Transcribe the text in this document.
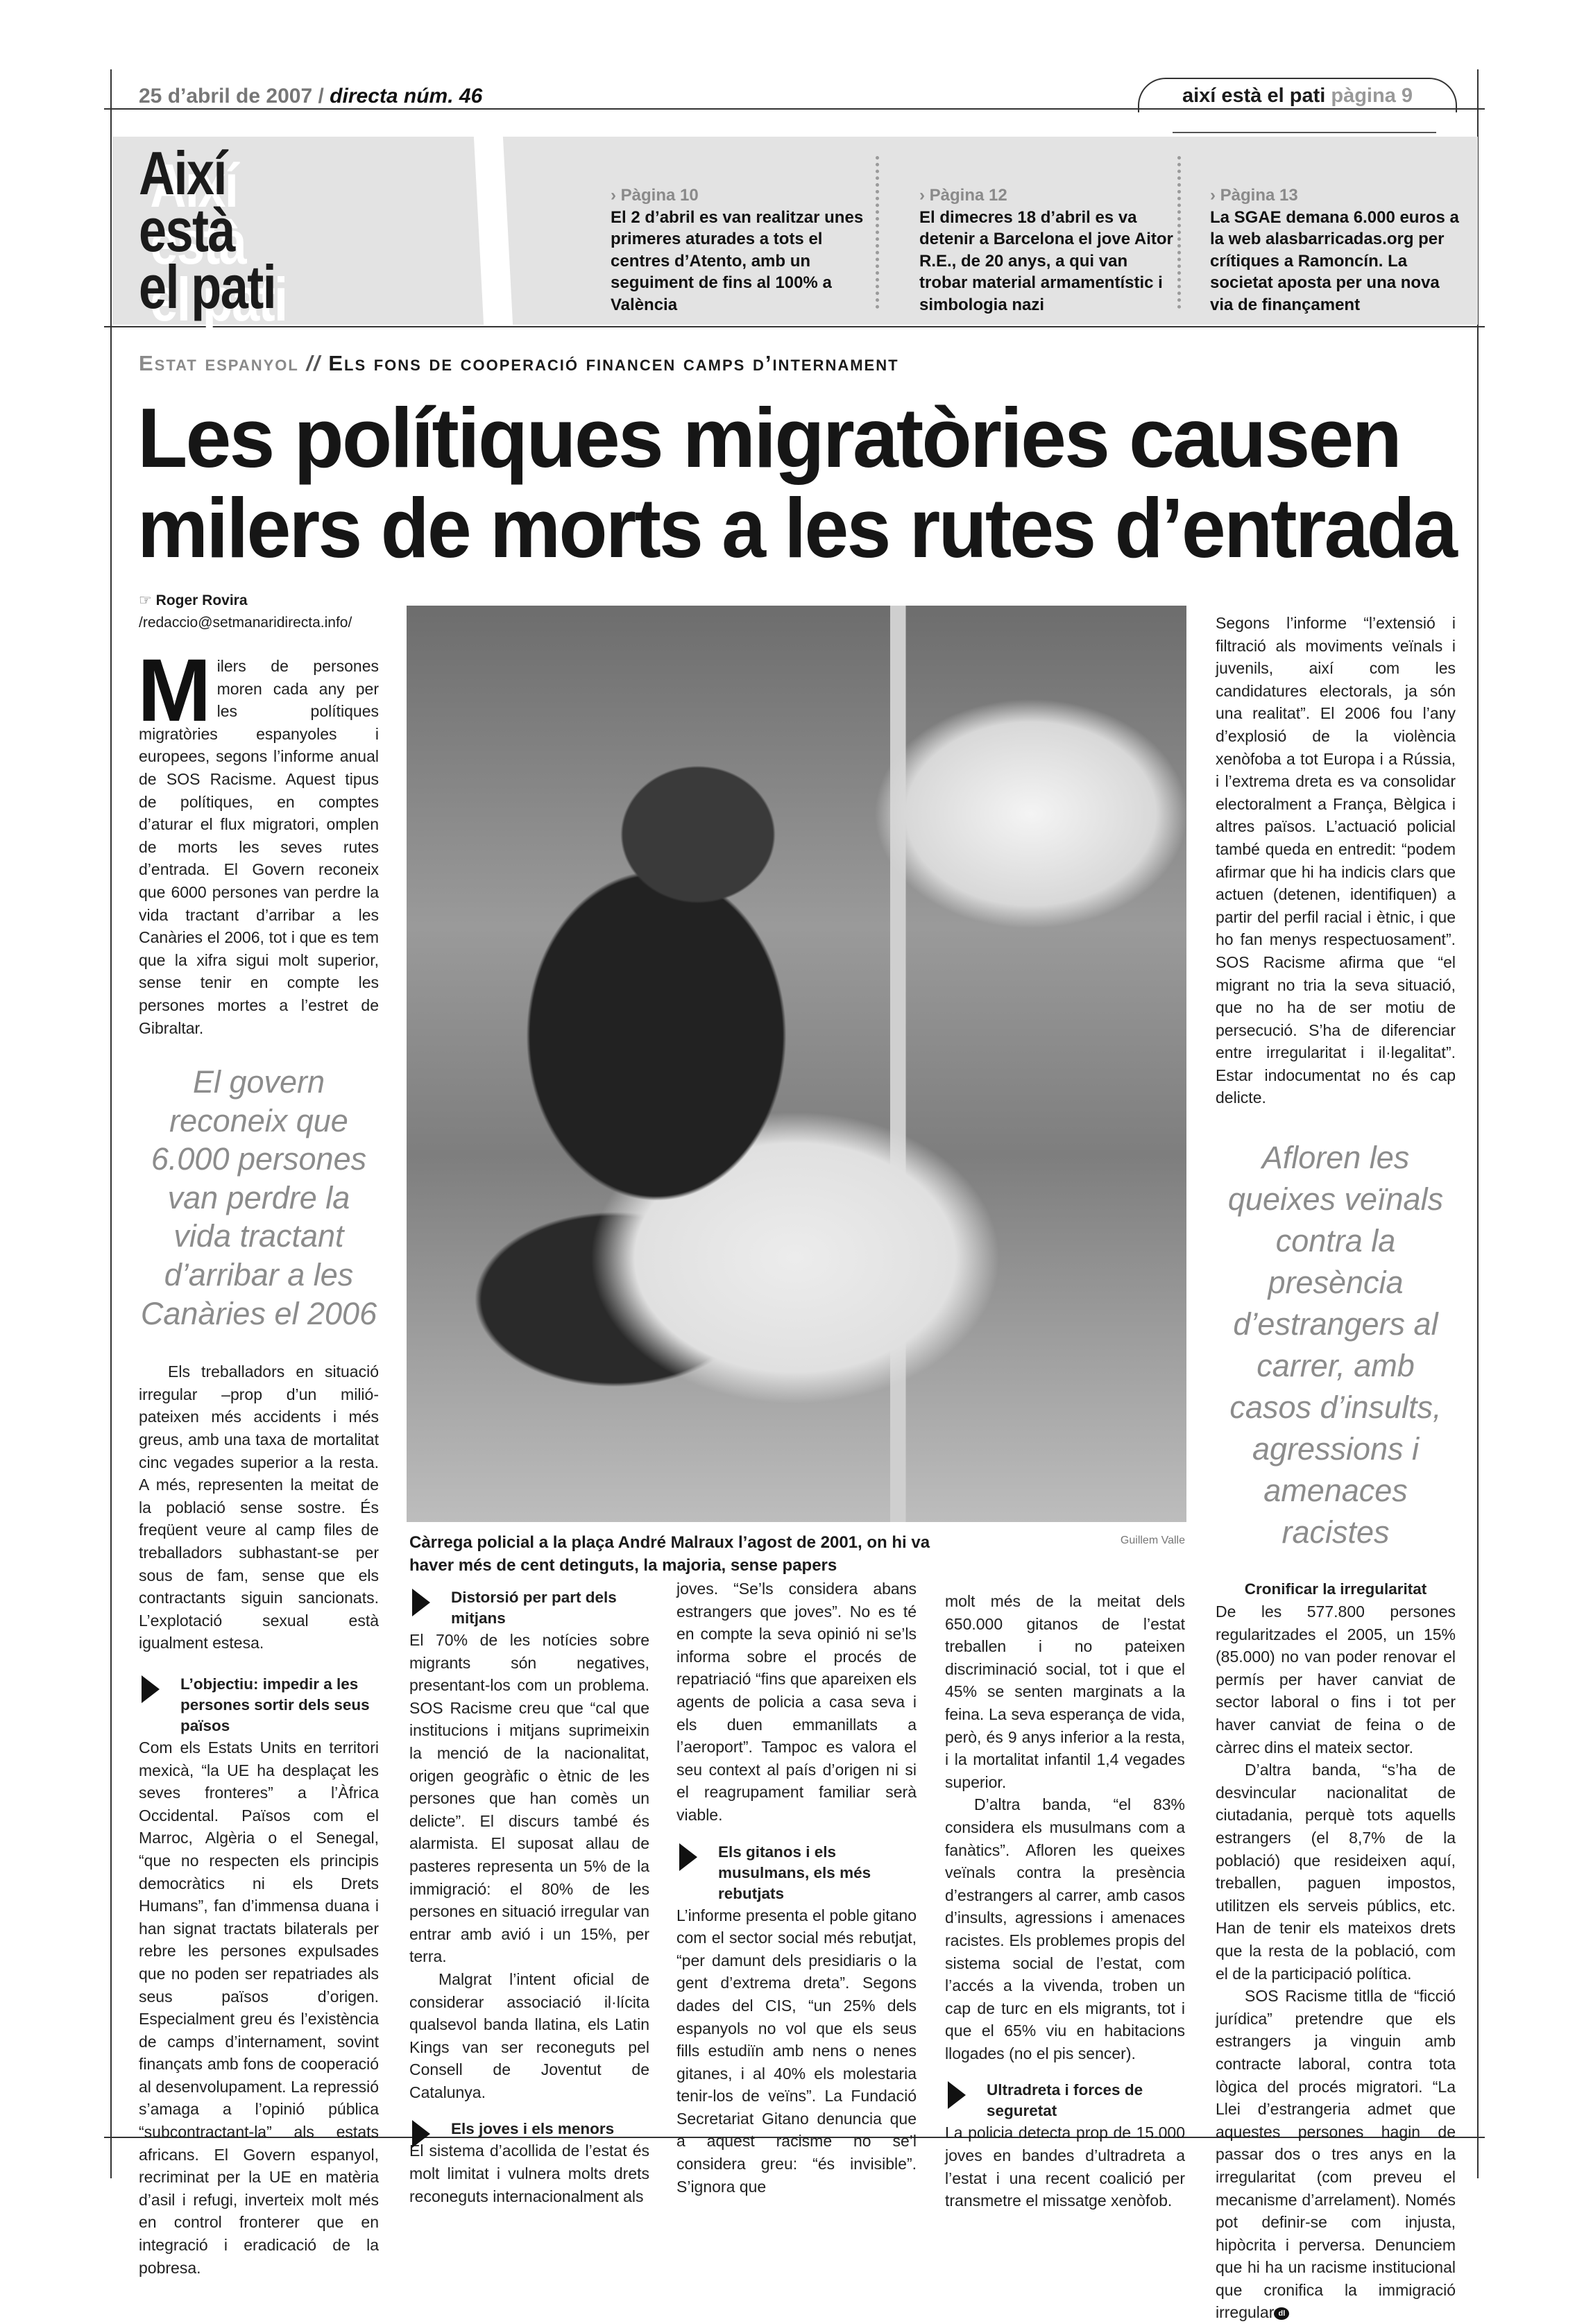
25 d’abril de 2007 / directa núm. 46	així està el pati pàgina 9
Així
està
el pati
› Pàgina 10
El 2 d’abril es van realitzar unes primeres aturades a tots el centres d’Atento, amb un seguiment de fins al 100% a València
› Pàgina 12
El dimecres 18 d’abril es va detenir a Barcelona el jove Aitor R.E., de 20 anys, a qui van trobar material armamentístic i simbologia nazi
› Pàgina 13
La SGAE demana 6.000 euros a la web alasbarricadas.org per crítiques a Ramoncín. La societat aposta per una nova via de finançament
Estat espanyol // Els fons de cooperació financen camps d’internament
Les polítiques migratòries causen
milers de morts a les rutes d’entrada
☞ Roger Rovira
/redaccio@setmanaridirecta.info/

Milers de persones moren cada any per les polítiques migratòries espanyoles i europees, segons l’informe anual de SOS Racisme. Aquest tipus de polítiques, en comptes d’aturar el flux migratori, omplen de morts les seves rutes d’entrada. El Govern reconeix que 6000 persones van perdre la vida tractant d’arribar a les Canàries el 2006, tot i que es tem que la xifra sigui molt superior, sense tenir en compte les persones mortes a l’estret de Gibraltar.

El govern reconeix que 6.000 persones van perdre la vida tractant d’arribar a les Canàries el 2006

Els treballadors en situació irregular –prop d’un milió- pateixen més accidents i més greus, amb una taxa de mortalitat cinc vegades superior a la resta. A més, representen la meitat de la població sense sostre. És freqüent veure al camp files de treballadors subhastant-se per sous de fam, sense que els contractants siguin sancionats. L’explotació sexual està igualment estesa.

L’objectiu: impedir a les persones sortir dels seus països

Com els Estats Units en territori mexicà, “la UE ha desplaçat les seves fronteres” a l’Àfrica Occidental. Països com el Marroc, Algèria o el Senegal, “que no respecten els principis democràtics ni els Drets Humans”, fan d’immensa duana i han signat tractats bilaterals per rebre les persones expulsades que no poden ser repatriades als seus països d’origen. Especialment greu és l’existència de camps d’internament, sovint finançats amb fons de cooperació al desenvolupament. La repressió s’amaga a l’opinió pública “subcontractant-la” als estats africans. El Govern espanyol, recriminat per la UE en matèria d’asil i refugi, inverteix molt més en control fronterer que en integració i eradicació de la pobresa.

Càrrega policial a la plaça André Malraux l’agost de 2001, on hi va haver més de cent detinguts, la majoria, sense papers
Guillem Valle
Distorsió per part dels mitjans

El 70% de les notícies sobre migrants són negatives, presentant-los com un problema. SOS Racisme creu que “cal que institucions i mitjans suprimeixin la menció de la nacionalitat, origen geogràfic o ètnic de les persones que han comès un delicte”. El discurs també és alarmista. El suposat allau de pasteres representa un 5% de la immigració: el 80% de les persones en situació irregular van entrar amb avió i un 15%, per terra.

Malgrat l’intent oficial de considerar associació il·lícita qualsevol banda llatina, els Latin Kings van ser reconeguts pel Consell de Joventut de Catalunya.

Els joves i els menors

El sistema d’acollida de l’estat és molt limitat i vulnera molts drets reconeguts internacionalment als

joves. “Se’ls considera abans estrangers que joves”. No es té en compte la seva opinió ni se’ls informa sobre el procés de repatriació “fins que apareixen els agents de policia a casa seva i els duen emmanillats a l’aeroport”. Tampoc es valora el seu context al país d’origen ni si el reagrupament familiar serà viable.

Els gitanos i els musulmans, els més rebutjats

L’informe presenta el poble gitano com el sector social més rebutjat, “per damunt dels presidiaris o la gent d’extrema dreta”. Segons dades del CIS, “un 25% dels espanyols no vol que els seus fills estudiïn amb nens o nenes gitanes, i al 40% els molestaria tenir-los de veïns”. La Fundació Secretariat Gitano denuncia que a aquest racisme no se’l considera greu: “és invisible”. S’ignora que

molt més de la meitat dels 650.000 gitanos de l’estat treballen i no pateixen discriminació social, tot i que el 45% se senten marginats a la feina. La seva esperança de vida, però, és 9 anys inferior a la resta, i la mortalitat infantil 1,4 vegades superior.

D’altra banda, “el 83% considera els musulmans com a fanàtics”. Afloren les queixes veïnals contra la presència d’estrangers al carrer, amb casos d’insults, agressions i amenaces racistes. Els problemes propis del sistema social de l’estat, com l’accés a la vivenda, troben un cap de turc en els migrants, tot i que el 65% viu en habitacions llogades (no el pis sencer).

Ultradreta i forces de seguretat

La policia detecta prop de 15.000 joves en bandes d’ultradreta a l’estat i una recent coalició per transmetre el missatge xenòfob.

Segons l’informe “l’extensió i filtració als moviments veïnals i juvenils, així com les candidatures electorals, ja són una realitat”. El 2006 fou l’any d’explosió de la violència xenòfoba a tot Europa i a Rússia, i l’extrema dreta es va consolidar electoralment a França, Bèlgica i altres països. L’actuació policial també queda en entredit: “podem afirmar que hi ha indicis clars que actuen (detenen, identifiquen) a partir del perfil racial i ètnic, i que ho fan menys respectuosament”. SOS Racisme afirma que “el migrant no tria la seva situació, que no ha de ser motiu de persecució. S’ha de diferenciar entre irregularitat i il·legalitat”. Estar indocumentat no és cap delicte.

Afloren les queixes veïnals contra la presència d’estrangers al carrer, amb casos d’insults, agressions i amenaces racistes
Cronificar la irregularitat

De les 577.800 persones regularitzades el 2005, un 15% (85.000) no van poder renovar el permís per haver canviat de sector laboral o fins i tot per haver canviat de feina o de càrrec dins el mateix sector.

D’altra banda, “s’ha de desvincular nacionalitat de ciutadania, perquè tots aquells estrangers (el 8,7% de la població) que resideixen aquí, treballen, paguen impostos, utilitzen els serveis públics, etc. Han de tenir els mateixos drets que la resta de la població, com el de la participació política.

SOS Racisme titlla de “ficció jurídica” pretendre que els estrangers ja vinguin amb contracte laboral, contra tota lògica del procés migratori. “La Llei d’estrangeria admet que aquestes persones hagin de passar dos o tres anys en la irregularitat (com preveu el mecanisme d’arrelament). Només pot definir-se com injusta, hipòcrita i perversa. Denunciem que hi ha un racisme institucional que cronifica la immigració irregular dl
